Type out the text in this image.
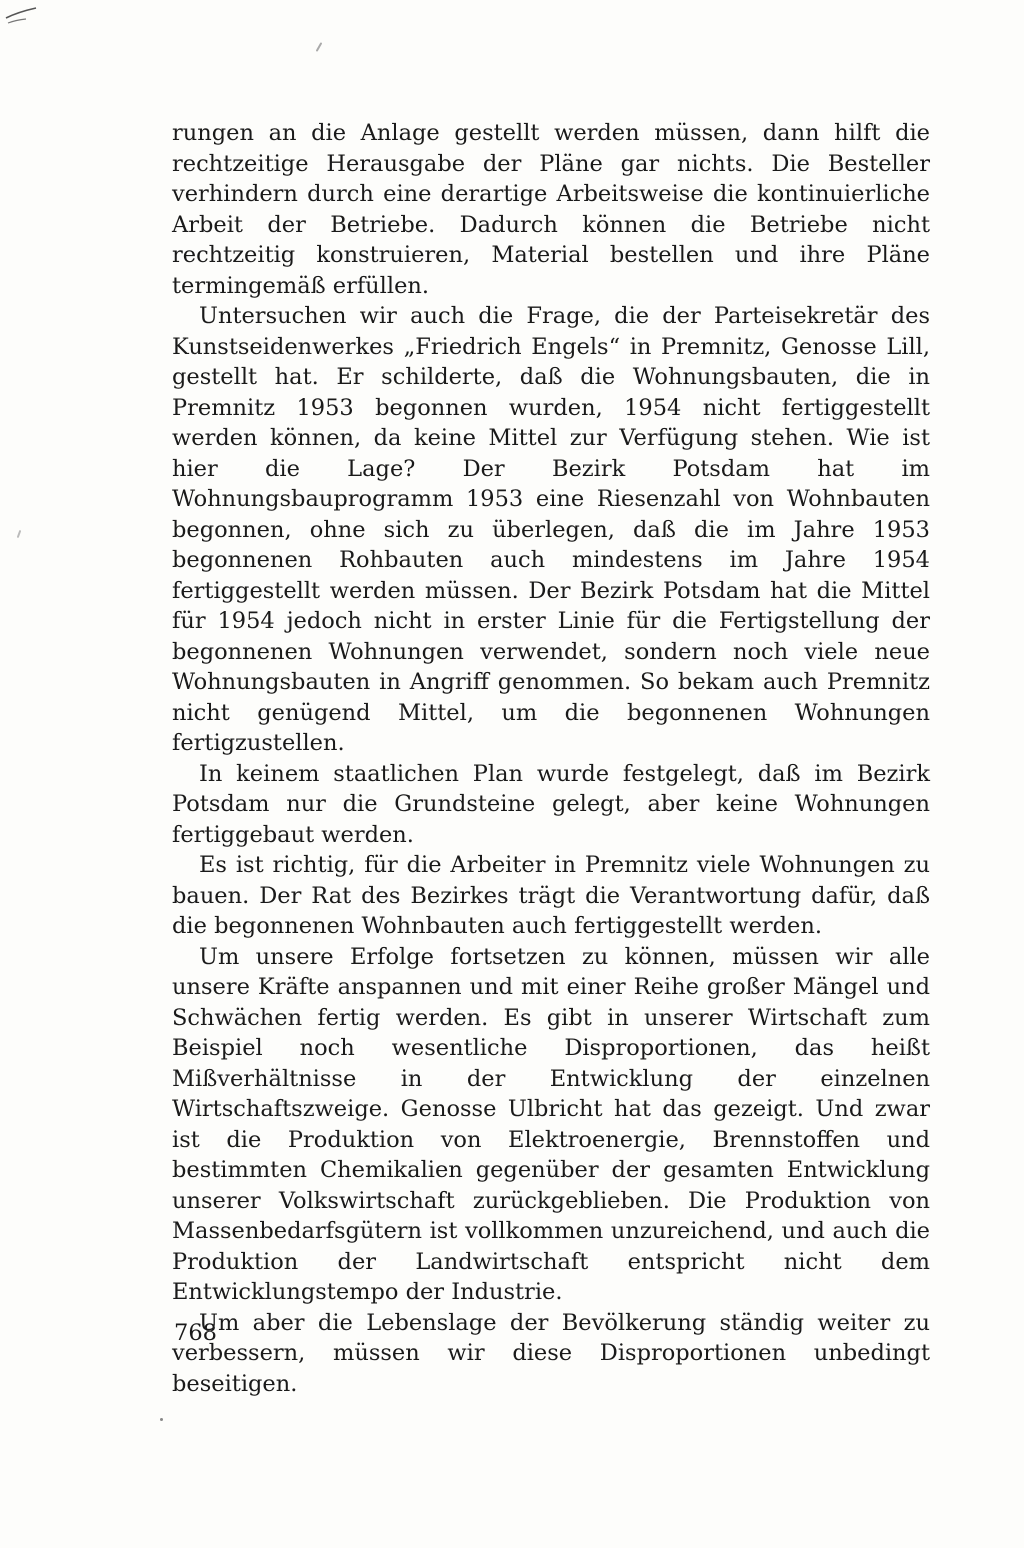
rungen an die Anlage gestellt werden müssen, dann hilft die rechtzeitige Herausgabe der Pläne gar nichts. Die Besteller verhindern durch eine derartige Arbeitsweise die kontinuierliche Arbeit der Betriebe. Dadurch können die Betriebe nicht rechtzeitig konstruieren, Material bestellen und ihre Pläne termingemäß erfüllen.

Untersuchen wir auch die Frage, die der Parteisekretär des Kunstseidenwerkes „Friedrich Engels“ in Premnitz, Genosse Lill, gestellt hat. Er schilderte, daß die Wohnungsbauten, die in Premnitz 1953 begonnen wurden, 1954 nicht fertiggestellt werden können, da keine Mittel zur Verfügung stehen. Wie ist hier die Lage? Der Bezirk Potsdam hat im Wohnungsbauprogramm 1953 eine Riesenzahl von Wohnbauten begonnen, ohne sich zu überlegen, daß die im Jahre 1953 begonnenen Rohbauten auch mindestens im Jahre 1954 fertiggestellt werden müssen. Der Bezirk Potsdam hat die Mittel für 1954 jedoch nicht in erster Linie für die Fertigstellung der begonnenen Wohnungen verwendet, sondern noch viele neue Wohnungsbauten in Angriff genommen. So bekam auch Premnitz nicht genügend Mittel, um die begonnenen Wohnungen fertigzustellen.

In keinem staatlichen Plan wurde festgelegt, daß im Bezirk Potsdam nur die Grundsteine gelegt, aber keine Wohnungen fertiggebaut werden.

Es ist richtig, für die Arbeiter in Premnitz viele Wohnungen zu bauen. Der Rat des Bezirkes trägt die Verantwortung dafür, daß die begonnenen Wohnbauten auch fertiggestellt werden.

Um unsere Erfolge fortsetzen zu können, müssen wir alle unsere Kräfte anspannen und mit einer Reihe großer Mängel und Schwächen fertig werden. Es gibt in unserer Wirtschaft zum Beispiel noch wesentliche Disproportionen, das heißt Mißverhältnisse in der Entwicklung der einzelnen Wirtschaftszweige. Genosse Ulbricht hat das gezeigt. Und zwar ist die Produktion von Elektroenergie, Brennstoffen und bestimmten Chemikalien gegenüber der gesamten Entwicklung unserer Volkswirtschaft zurückgeblieben. Die Produktion von Massenbedarfsgütern ist vollkommen unzureichend, und auch die Produktion der Landwirtschaft entspricht nicht dem Entwicklungstempo der Industrie.

Um aber die Lebenslage der Bevölkerung ständig weiter zu verbessern, müssen wir diese Disproportionen unbedingt beseitigen.

768
